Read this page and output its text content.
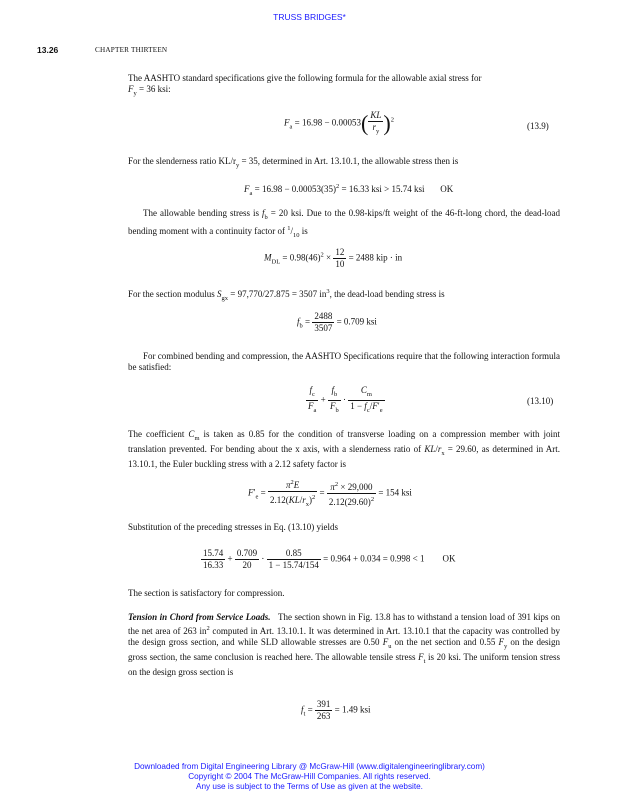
TRUSS BRIDGES*
13.26	CHAPTER THIRTEEN
The AASHTO standard specifications give the following formula for the allowable axial stress for
$F_y = 36$ ksi:
$F_a = 16.98 - 0.00053( \frac{KL}{r_y} )^2$
(13.9)
For the slenderness ratio $KL/r_y = 35$, determined in Art. 13.10.1, the allowable stress then is
$F_a = 16.98 - 0.00053(35)^2 = 16.33$ ksi > 15.74 ksi       OK
The allowable bending stress is $f_b = 20$ ksi. Due to the 0.98-kips/ft weight of the 46-ft-long chord, the dead-load bending moment with a continuity factor of $^1/_{10}$ is
$M_{DL} = 0.98(46)^2 \times \frac{12}{10} = 2488$ kip · in
For the section modulus $S_{gx} = 97,770/27.875 = 3507$ $in^3$, the dead-load bending stress is
$f_b = \frac{2488}{3507} = 0.709$ ksi
For combined bending and compression, the AASHTO Specifications require that the following interaction formula be satisfied:
$\frac{f_c}{F_a} + \frac{f_b}{F_b} \cdot \frac{C_m}{1 - f_c/F'_e}$	(13.10)
The coefficient $C_m$ is taken as 0.85 for the condition of transverse loading on a compression member with joint translation prevented. For bending about the x axis, with a slenderness ratio of $KL/r_x = 29.60$, as determined in Art. 13.10.1, the Euler buckling stress with a 2.12 safety factor is
$F'_e = \frac{\pi^2E}{2.12(KL/r_x)^2} = \frac{\pi^2 \times 29,000}{2.12(29.60)^2} = 154$ ksi
Substitution of the preceding stresses in Eq. (13.10) yields
$\frac{15.74}{16.33} + \frac{0.709}{20} \cdot \frac{0.85}{1 - 15.74/154} = 0.964 + 0.034 = 0.998 < 1$        OK
The section is satisfactory for compression.
Tension in Chord from Service Loads. The section shown in Fig. 13.8 has to withstand a tension load of 391 kips on the net area of 263 $in^2$ computed in Art. 13.10.1. It was determined in Art. 13.10.1 that the capacity was controlled by the design gross section, and while SLD allowable stresses are 0.50 $F_u$ on the net section and 0.55 $F_y$ on the design gross section, the same conclusion is reached here. The allowable tensile stress $F_t$ is 20 ksi. The uniform tension stress on the design gross section is
$f_t = \frac{391}{263} = 1.49$ ksi
Downloaded from Digital Engineering Library @ McGraw-Hill (www.digitalengineeringlibrary.com)
Copyright © 2004 The McGraw-Hill Companies. All rights reserved.
Any use is subject to the Terms of Use as given at the website.
